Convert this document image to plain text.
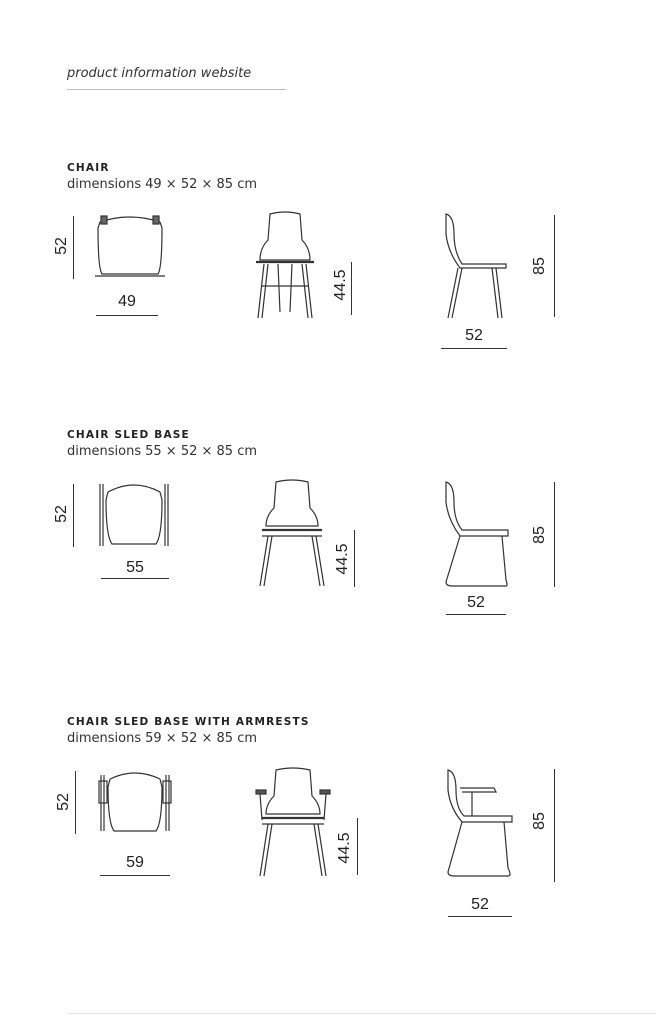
product information website
CHAIR
dimensions 49 × 52 × 85 cm
52
49
44.5
85
52
CHAIR SLED BASE
dimensions 55 × 52 × 85 cm
52
55	44.5
85
52
CHAIR SLED BASE WITH ARMRESTS
dimensions 59 × 52 × 85 cm
52
59	44.5
85
52
